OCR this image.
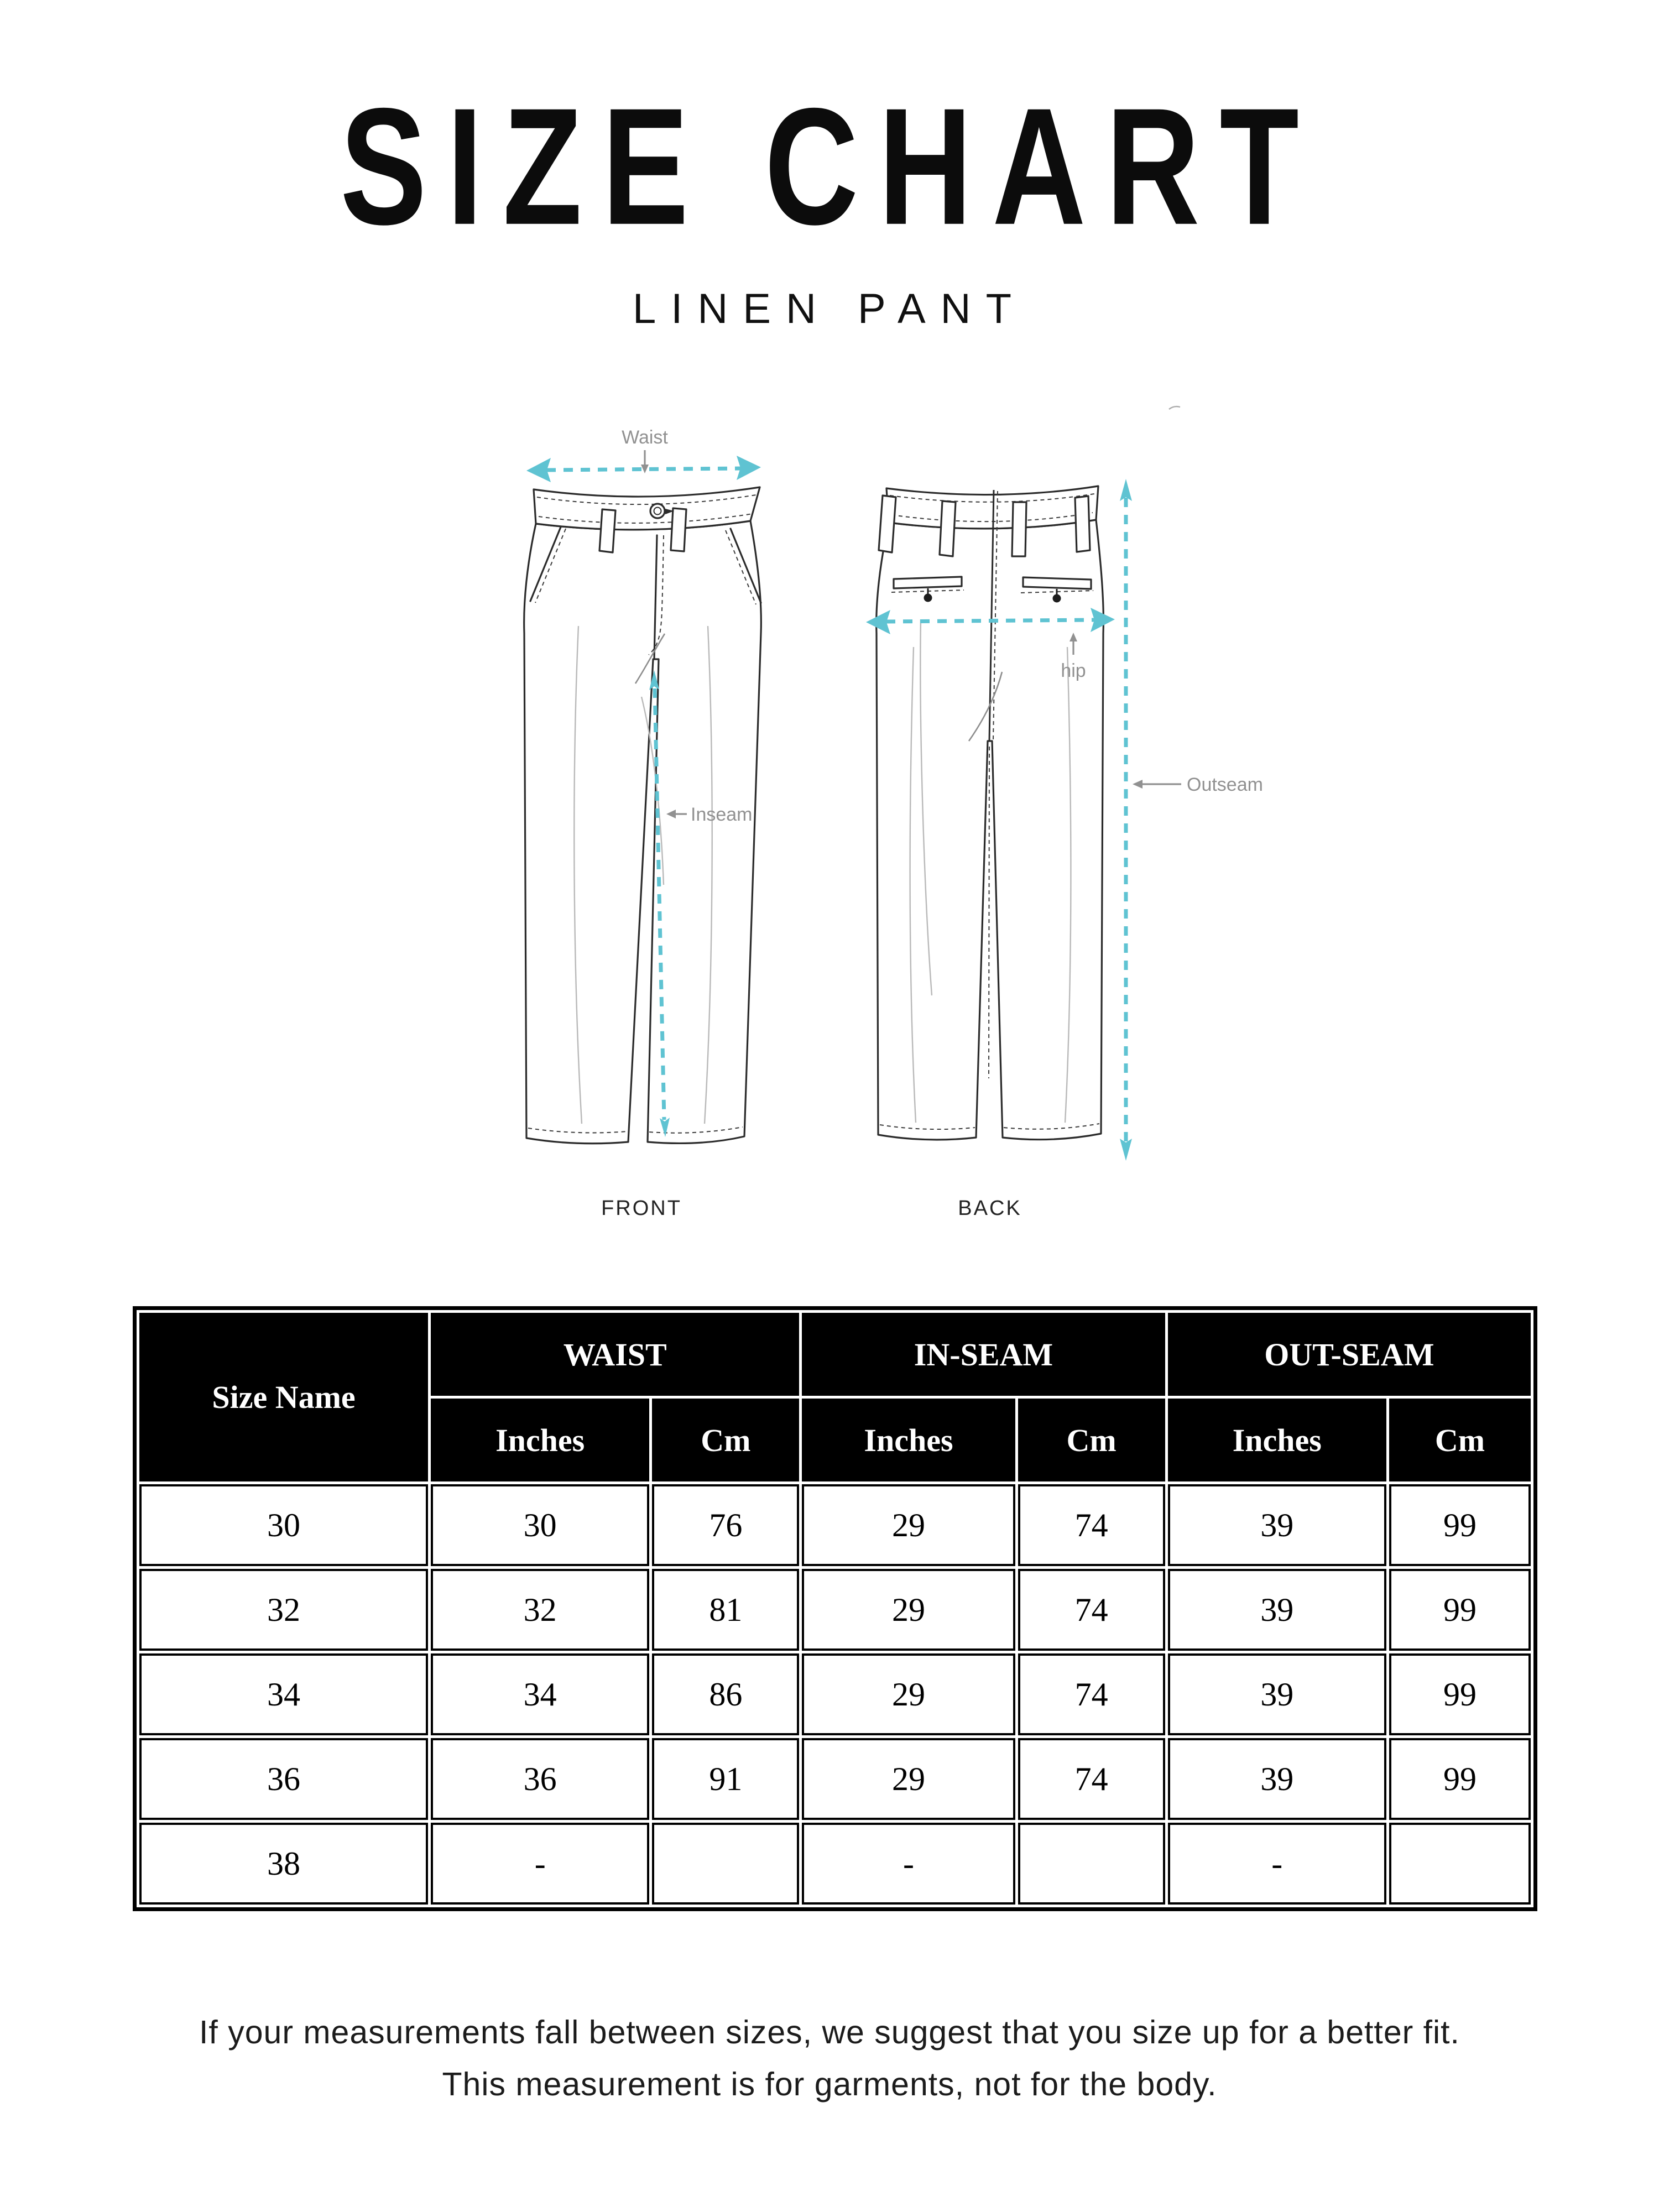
SIZE CHART
LINEN PANT
Waist
Inseam
hip
Outseam
FRONT	BACK
Size Name	WAIST		IN-SEAM		OUT-SEAM	
	Inches	Cm	Inches	Cm	Inches	Cm
30	30	76	29	74	39	99
32	32	81	29	74	39	99
34	34	86	29	74	39	99
36	36	91	29	74	39	99
38	-		-		-	
If your measurements fall between sizes, we suggest that you size up for a better fit.
This measurement is for garments, not for the body.
